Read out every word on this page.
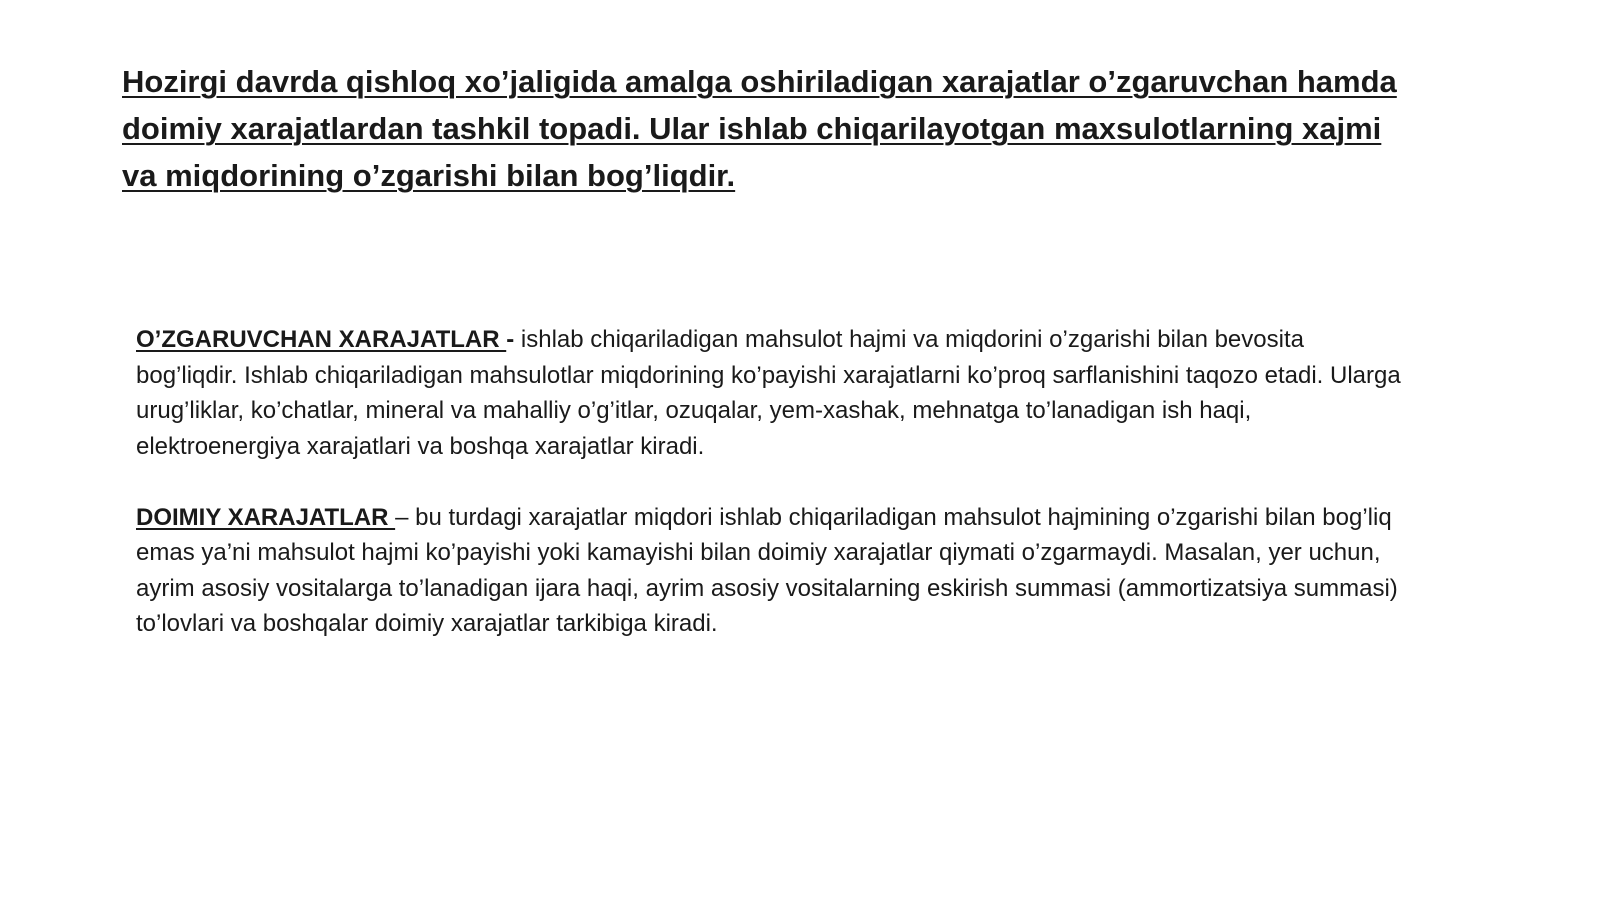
Hozirgi davrda qishloq xo’jaligida amalga oshiriladigan xarajatlar o’zgaruvchan hamda doimiy xarajatlardan tashkil topadi. Ular ishlab chiqarilayotgan maxsulotlarning xajmi va miqdorining o’zgarishi bilan bog’liqdir.

O’ZGARUVCHAN XARAJATLAR - ishlab chiqariladigan mahsulot hajmi va miqdorini o’zgarishi bilan bevosita bog’liqdir. Ishlab chiqariladigan mahsulotlar miqdorining ko’payishi xarajatlarni ko’proq sarflanishini taqozo etadi. Ularga urug’liklar, ko’chatlar, mineral va mahalliy o’g’itlar, ozuqalar, yem-xashak, mehnatga to’lanadigan ish haqi, elektroenergiya xarajatlari va boshqa xarajatlar kiradi.

DOIMIY XARAJATLAR – bu turdagi xarajatlar miqdori ishlab chiqariladigan mahsulot hajmining o’zgarishi bilan bog’liq emas ya’ni mahsulot hajmi ko’payishi yoki kamayishi bilan doimiy xarajatlar qiymati o’zgarmaydi. Masalan, yer uchun, ayrim asosiy vositalarga to’lanadigan ijara haqi, ayrim asosiy vositalarning eskirish summasi (ammortizatsiya summasi) to’lovlari va boshqalar doimiy xarajatlar tarkibiga kiradi.
